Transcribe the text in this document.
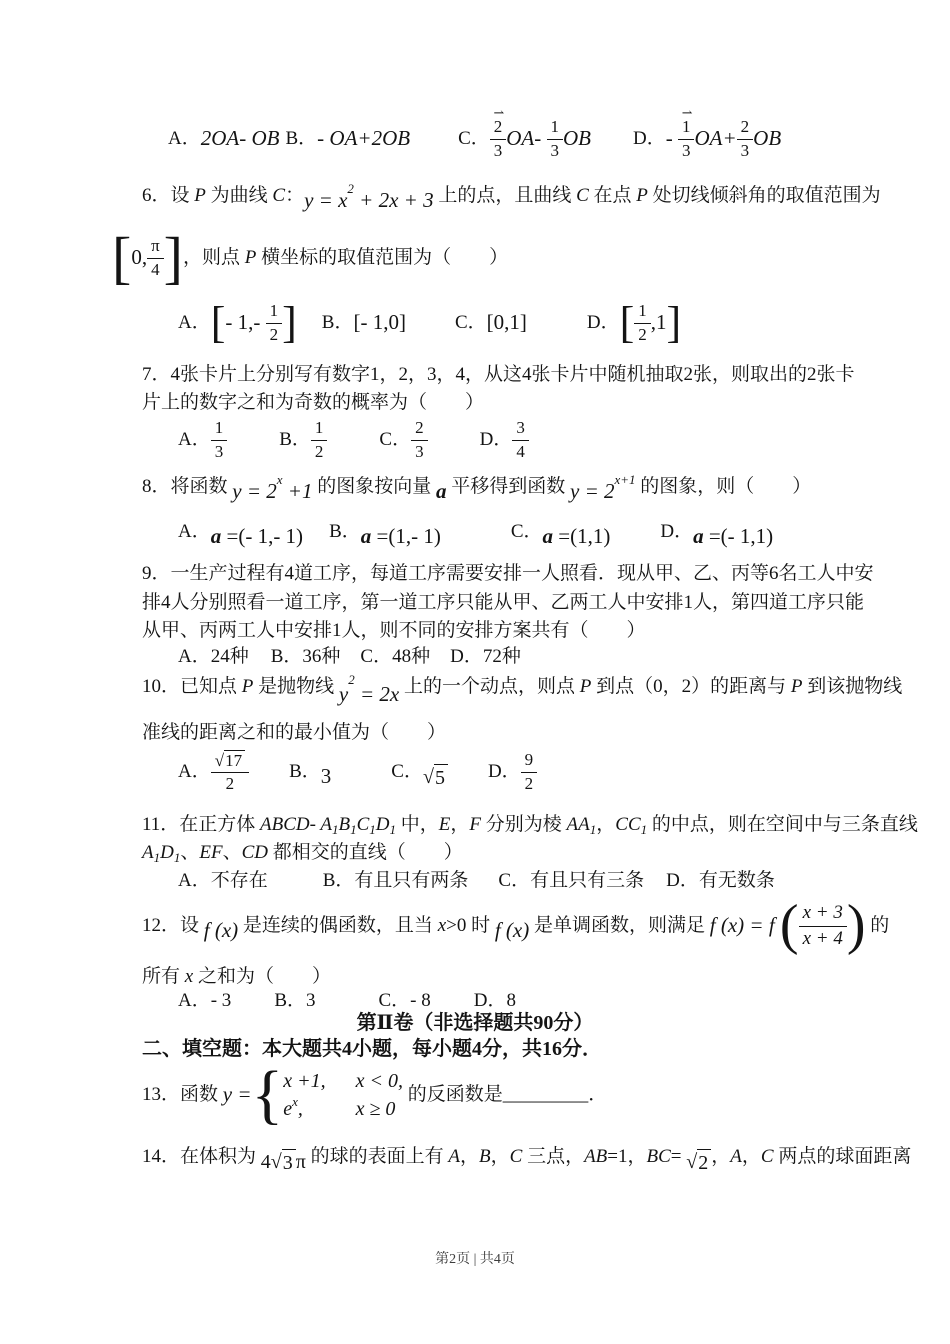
A． 2OA- OB B． - OA+2OB	C．
⇀
2
3 $OA- \frac{1}{3}$ OB D． -
⇀
1
3 $OA+ \frac{2}{3}$ OB
6．设 P 为曲线 C ： y = x
2
+ 2x + 3 上的点，且曲线 C 在点 P 处切线倾斜角的取值范围为
[ 0, $\frac{\pi}{4}$ ] ，则点 P 横坐标的取值范围为（　　）
A． [ - $1,- \frac{1}{2}$ ] B． [- 1,0]	C． [0,1]	D． [ $\frac{1}{2} ,1$ ]
7．4张卡片上分别写有数字1，2，3，4，从这4张卡片中随机抽取2张，则取出的2张卡
片上的数字之和为奇数的概率为（　　）
A． $\frac{1}{3}$	B． $\frac{1}{2}$	C． $\frac{2}{3}$	D． $\frac{3}{4}$
8．将函数 y = 2
x
+1 的图象按向量 a 平移得到函数 y = 2
x+1 的图象，则（　　）
A． a =(- 1,- 1) B． a =(1,- 1)	C． a =(1,1)	D． a =(- 1,1)
9．一生产过程有4道工序，每道工序需要安排一人照看．现从甲、乙、丙等6名工人中安
排4人分别照看一道工序，第一道工序只能从甲、乙两工人中安排1人，第四道工序只能
从甲、丙两工人中安排1人，则不同的安排方案共有（　　）
A．24种 B．36种 C．48种 D．72种
10．已知点 P 是抛物线 y
2
= 2x 上的一个动点，则点 P 到点（0，2）的距离与 P 到该抛物线
准线的距离之和的最小值为（　　）
A． $\frac{√ 17}{2}$ B． 3	C． √ 5 D． $\frac{9}{2}$
11．在正方体 ABCD- A 1 B 1 C 1 D 1 中， E ， F 分别为棱 AA 1 ， CC 1 的中点，则在空间中与三条直线
A 1 D 1 、 EF 、 CD 都相交的直线（　　）
A．不存在	B．有且只有两条 C．有且只有三条 D．有无数条
12．设 f (x) 是连续的偶函数，且当 x >0 时 f (x) 是单调函数，则满足 f (x) = f ( $\frac{x + 3}{x + 4}$ ) 的
所有 x 之和为（　　）
A．- 3 B．3	C．- 8 D．8
第Ⅱ卷（非选择题共90分）
二、填空题：本大题共4小题，每小题4分，共16分．
13．函数 y = { x +1, x < 0,
e x ,	x ≥ 0
的反函数是 _________ ．
14．在体积为 4 √ 3 π 的球的表面上有 A ， B ， C 三点， AB =1， BC = √ 2 ， A ， C 两点的球面距离
第2页 | 共4页
